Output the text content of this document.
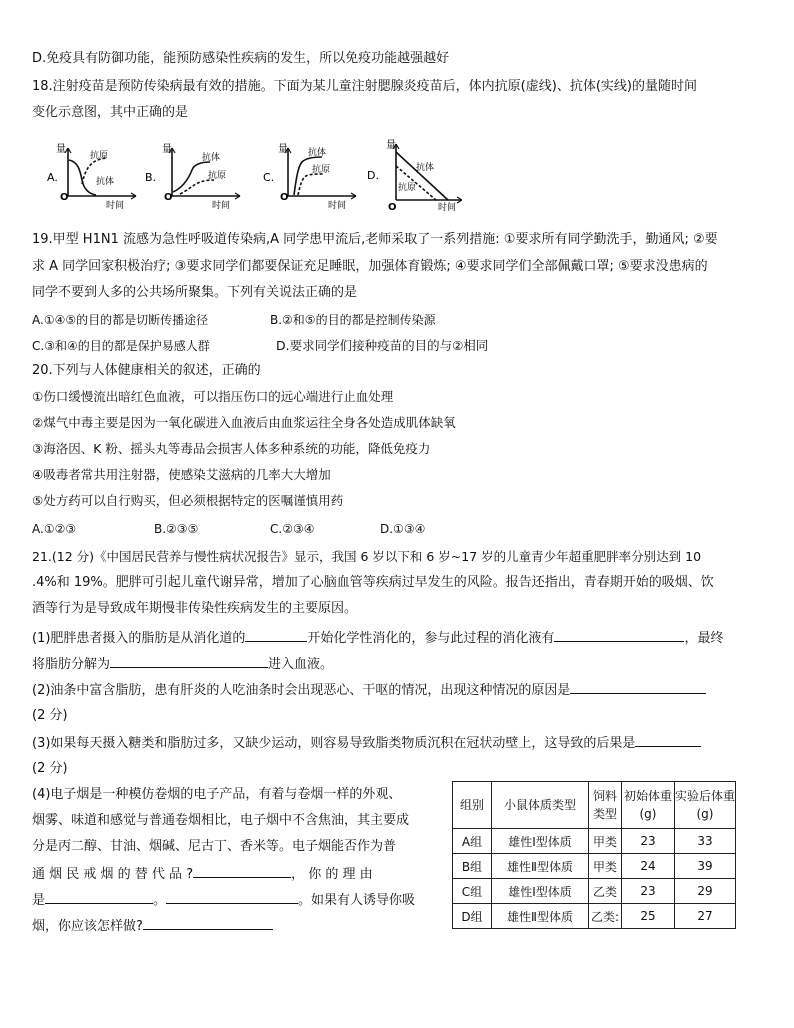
D.免疫具有防御功能，能预防感染性疾病的发生，所以免疫功能越强越好
18.注射疫苗是预防传染病最有效的措施。下面为某儿童注射腮腺炎疫苗后，体内抗原(虚线)、抗体(实线)的量随时间
变化示意图，其中正确的是
A.
量
O
时间
抗原
抗体	B.
量
O
时间
抗体
抗原	C.
量
O
时间
抗体
抗原	D.
量
O	时间
抗体
抗原
19.甲型 H1N1 流感为急性呼吸道传染病,A 同学患甲流后,老师采取了一系列措施: ①要求所有同学勤洗手，勤通风; ②要
求 A 同学回家积极治疗; ③要求同学们都要保证充足睡眠，加强体育锻炼; ④要求同学们全部佩戴口罩; ⑤要求没患病的
同学不要到人多的公共场所聚集。下列有关说法正确的是
A.①④⑤的目的都是切断传播途径	B.②和⑤的目的都是控制传染源
C.③和④的目的都是保护易感人群	D.要求同学们接种疫苗的目的与②相同
20.下列与人体健康相关的叙述，正确的
①伤口缓慢流出暗红色血液，可以指压伤口的远心端进行止血处理
②煤气中毒主要是因为一氧化碳进入血液后由血浆运往全身各处造成肌体缺氧
③海洛因、K 粉、摇头丸等毒品会损害人体多种系统的功能，降低免疫力
④吸毒者常共用注射器，使感染艾滋病的几率大大增加
⑤处方药可以自行购买，但必须根据特定的医嘱谨慎用药
A.①②③	B.②③⑤	C.②③④	D.①③④
21.(12 分)《中国居民营养与慢性病状况报告》显示，我国 6 岁以下和 6 岁~17 岁的儿童青少年超重肥胖率分别达到 10
.4%和 19%。肥胖可引起儿童代谢异常，增加了心脑血管等疾病过早发生的风险。报告还指出，青春期开始的吸烟、饮
酒等行为是导致成年期慢非传染性疾病发生的主要原因。
(1)肥胖患者摄入的脂肪是从消化道的	开始化学性消化的，参与此过程的消化液有	，最终
将脂肪分解为	进入血液。
(2)油条中富含脂肪，患有肝炎的人吃油条时会出现恶心、干呕的情况，出现这种情况的原因是
(2 分)
(3)如果每天摄入糖类和脂肪过多，又缺少运动，则容易导致脂类物质沉积在冠状动壁上，这导致的后果是
(2 分)
(4)电子烟是一种模仿卷烟的电子产品，有着与卷烟一样的外观、
烟雾、味道和感觉与普通卷烟相比，电子烟中不含焦油，其主要成
分是丙二醇、甘油、烟碱、尼古丁、香米等。电子烟能否作为普
通 烟 民 戒 烟 的 替 代 品 ?	， 你 的 理 由
是	。	。如果有人诱导你吸
烟，你应该怎样做?
组别	小鼠体质类型	饲料类型	初始体重(g)	实验后体重(g)
A组	雄性Ⅰ型体质	甲类	23	33
B组	雄性Ⅱ型体质	甲类	24	39
C组	雄性Ⅰ型体质	乙类	23	29
D组	雄性Ⅱ型体质	乙类:	25	27
